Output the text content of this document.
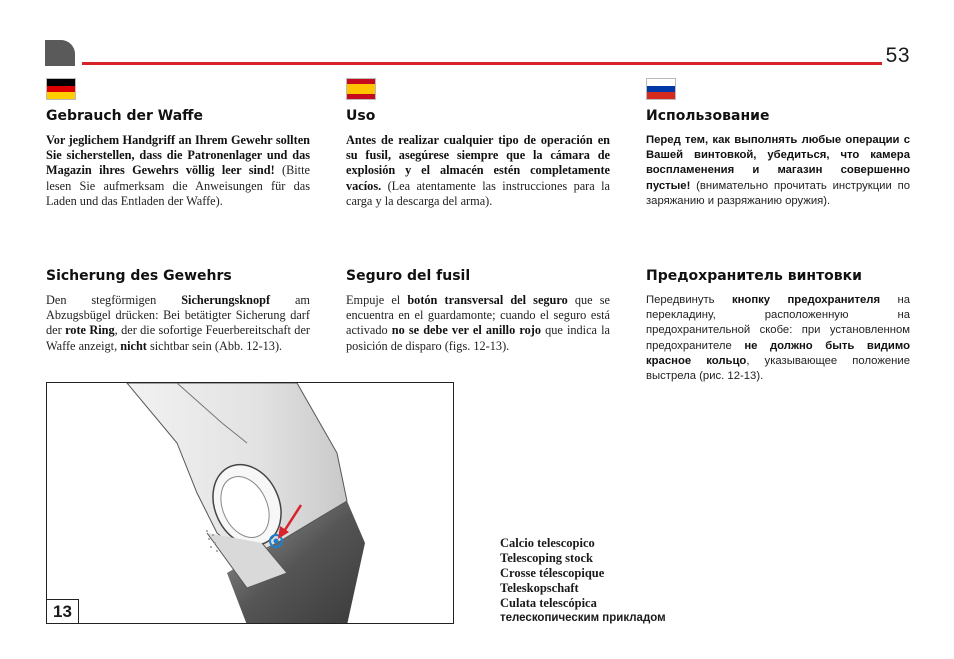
53
Gebrauch der Waffe

Vor jeglichem Handgriff an Ihrem Gewehr sollten Sie sicherstellen, dass die Patronenlager und das Magazin ihres Gewehrs völlig leer sind! (Bitte lesen Sie aufmerksam die Anweisungen für das Laden und das Entladen der Waffe).

Sicherung des Gewehrs

Den stegförmigen Sicherungsknopf am Abzugsbügel drücken: Bei betätigter Sicherung darf der rote Ring, der die sofortige Feuerbereitschaft der Waffe anzeigt, nicht sichtbar sein (Abb. 12-13).

Uso

Antes de realizar cualquier tipo de operación en su fusil, asegúrese siempre que la cámara de explosión y el almacén estén completamente vacíos. (Lea atentamente las instrucciones para la carga y la descarga del arma).

Seguro del fusil

Empuje el botón transversal del seguro que se encuentra en el guardamonte; cuando el seguro está activado no se debe ver el anillo rojo que indica la posición de disparo (figs. 12-13).

Использование

Перед тем, как выполнять любые операции с Вашей винтовкой, убедиться, что камера воспламенения и магазин совершенно пустые! (внимательно прочитать инструкции по заряжанию и разряжанию оружия).

Предохранитель винтовки

Передвинуть кнопку предохранителя на перекладину, расположенную на предохранительной скобе: при установленном предохранителе не должно быть видимо красное кольцо, указывающее положение выстрела (рис. 12-13).

13
Calcio telescopico
Telescoping stock
Crosse télescopique
Teleskopschaft
Culata telescópica
телескопическим прикладом
